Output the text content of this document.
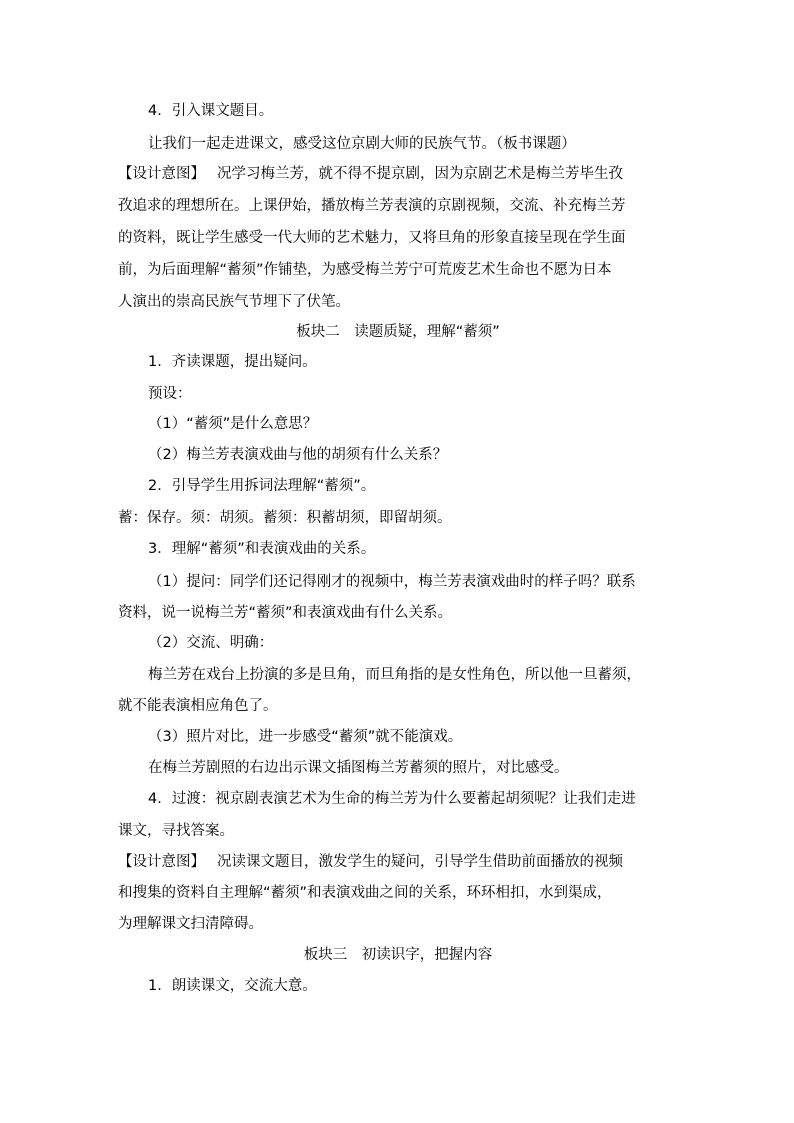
4．引入课文题目。
让我们一起走进课文，感受这位京剧大师的民族气节。（板书课题）
【设计意图】 况学习梅兰芳，就不得不提京剧，因为京剧艺术是梅兰芳毕生孜
孜追求的理想所在。上课伊始，播放梅兰芳表演的京剧视频，交流、补充梅兰芳
的资料，既让学生感受一代大师的艺术魅力，又将旦角的形象直接呈现在学生面
前，为后面理解“蓄须”作铺垫，为感受梅兰芳宁可荒废艺术生命也不愿为日本
人演出的崇高民族气节埋下了伏笔。
板块二　读题质疑，理解“蓄须”
1．齐读课题，提出疑问。
预设：
（1）“蓄须”是什么意思？
（2）梅兰芳表演戏曲与他的胡须有什么关系？
2．引导学生用拆词法理解“蓄须”。
蓄：保存。须：胡须。蓄须：积蓄胡须，即留胡须。
3．理解“蓄须”和表演戏曲的关系。
（1）提问：同学们还记得刚才的视频中，梅兰芳表演戏曲时的样子吗？联系
资料，说一说梅兰芳“蓄须”和表演戏曲有什么关系。
（2）交流、明确：
梅兰芳在戏台上扮演的多是旦角，而旦角指的是女性角色，所以他一旦蓄须，
就不能表演相应角色了。
（3）照片对比，进一步感受“蓄须”就不能演戏。
在梅兰芳剧照的右边出示课文插图梅兰芳蓄须的照片，对比感受。
4．过渡：视京剧表演艺术为生命的梅兰芳为什么要蓄起胡须呢？让我们走进
课文，寻找答案。
【设计意图】 况读课文题目，激发学生的疑问，引导学生借助前面播放的视频
和搜集的资料自主理解“蓄须”和表演戏曲之间的关系，环环相扣，水到渠成，
为理解课文扫清障碍。
板块三　初读识字，把握内容
1．朗读课文，交流大意。
